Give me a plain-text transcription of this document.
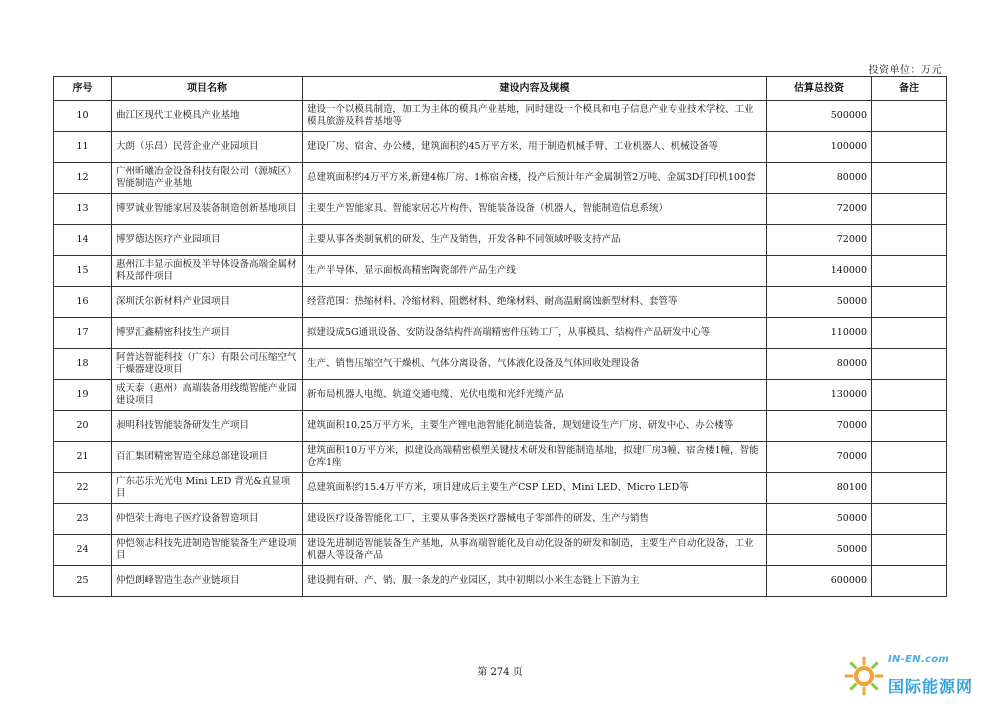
投资单位：万元
序号	项目名称	建设内容及规模	估算总投资	备注
10	曲江区现代工业模具产业基地	建设一个以模具制造，加工为主体的模具产业基地，同时建设一个模具和电子信息产业专业技术学校、工业模具旅游及科普基地等	500000	
11	大朗（乐昌）民营企业产业园项目	建设厂房、宿舍、办公楼，建筑面积约45万平方米，用于制造机械手臂、工业机器人、机械设备等	100000	
12	广州昕曦冶金设备科技有限公司（源城区）智能制造产业基地	总建筑面积约4万平方米,新建4栋厂房、1栋宿舍楼，投产后预计年产金属制管2万吨、金属3D打印机100套	80000	
13	博罗诚业智能家居及装备制造创新基地项目	主要生产智能家具、智能家居芯片构件、智能装备设备（机器人，智能制造信息系统）	72000	
14	博罗德达医疗产业园项目	主要从事各类制氧机的研发、生产及销售，开发各种不同领域呼吸支持产品	72000	
15	惠州江丰显示面板及半导体设备高端金属材料及部件项目	生产半导体、显示面板高精密陶瓷部件产品生产线	140000	
16	深圳沃尔新材料产业园项目	经营范围：热缩材料、冷缩材料、阻燃材料、绝缘材料、耐高温耐腐蚀新型材料、套管等	50000	
17	博罗汇鑫精密科技生产项目	拟建设成5G通讯设备、安防设备结构件高端精密件压铸工厂，从事模具、结构件产品研发中心等	110000	
18	阿普达智能科技（广东）有限公司压缩空气干燥器建设项目	生产、销售压缩空气干燥机、气体分离设备、气体液化设备及气体回收处理设备	80000	
19	成天泰（惠州）高端装备用线缆智能产业园建设项目	新布局机器人电缆、轨道交通电缆、光伏电缆和光纤光缆产品	130000	
20	昶明科技智能装备研发生产项目	建筑面积10.25万平方米，主要生产锂电池智能化制造装备，规划建设生产厂房、研发中心、办公楼等	70000	
21	百汇集团精密智造全球总部建设项目	建筑面积10万平方米，拟建设高端精密模塑关键技术研发和智能制造基地，拟建厂房3幢、宿舍楼1幢，智能仓库1座	70000	
22	广东芯乐光光电 Mini LED 背光&直显项目	总建筑面积约15.4万平方米，项目建成后主要生产CSP LED、Mini LED、Micro LED等	80100	
23	仲恺荣士海电子医疗设备智造项目	建设医疗设备智能化工厂，主要从事各类医疗器械电子零部件的研发、生产与销售	50000	
24	仲恺领志科技先进制造智能装备生产建设项目	建设先进制造智能装备生产基地，从事高端智能化及自动化设备的研发和制造，主要生产自动化设备，工业机器人等设备产品	50000	
25	仲恺朗峰智造生态产业链项目	建设拥有研、产、销、服一条龙的产业园区，其中初期以小米生态链上下游为主	600000	
第 274 页
IN-EN.com
国际能源网
